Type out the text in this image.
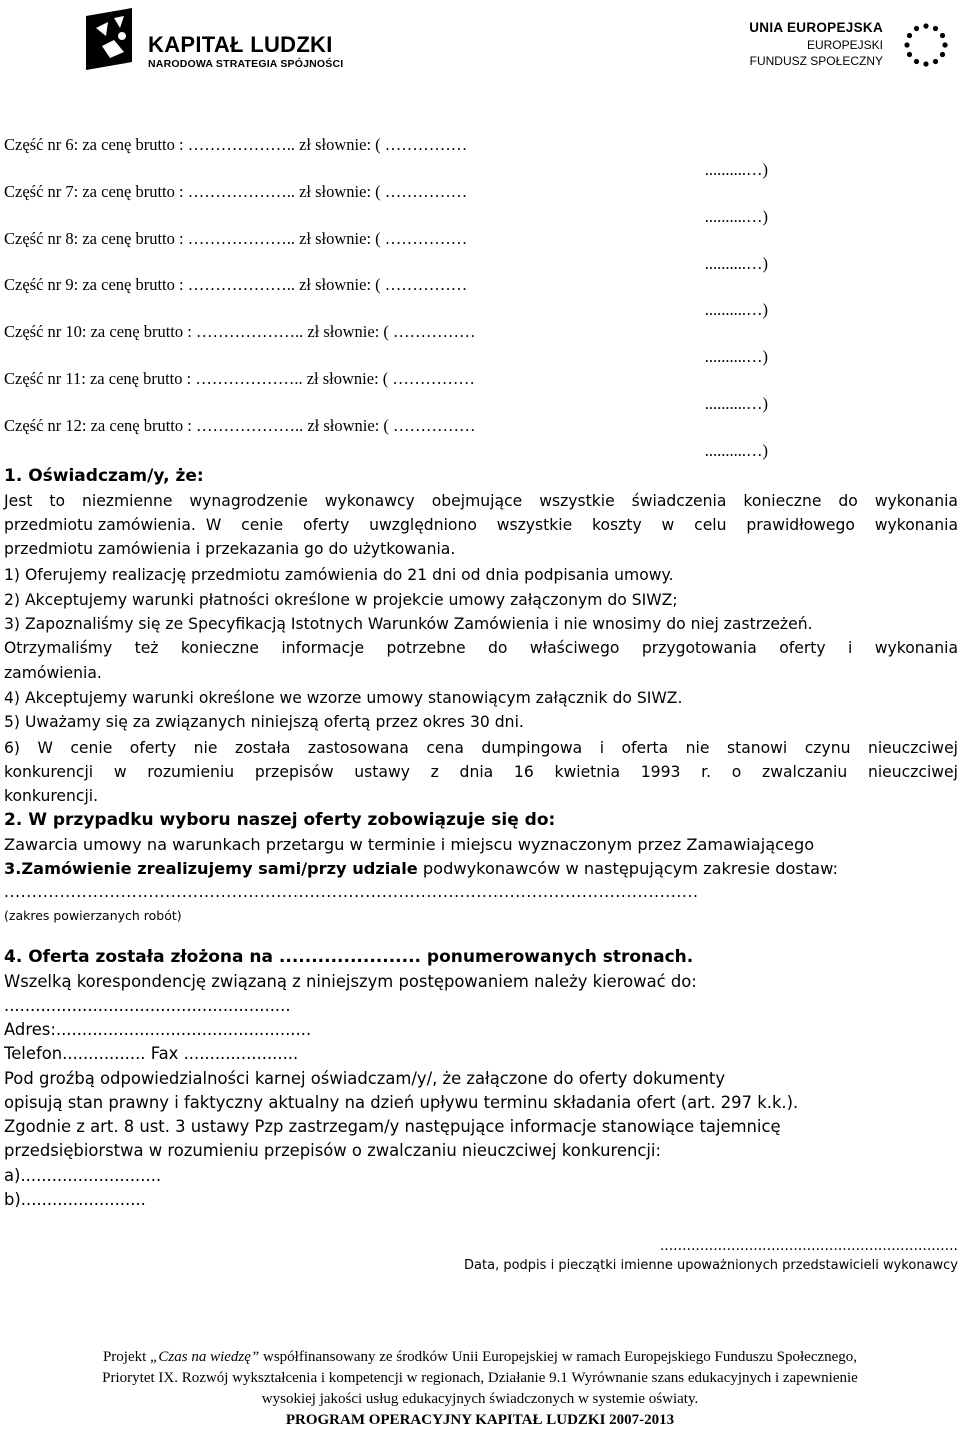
KAPITAŁ LUDZKI
NARODOWA STRATEGIA SPÓJNOŚCI
UNIA EUROPEJSKA
EUROPEJSKI
FUNDUSZ SPOŁECZNY
Część nr 6: za cenę brutto : ……………….. zł słownie: ( ……………
..........…)
Część nr 7: za cenę brutto : ……………….. zł słownie: ( ……………
..........…)
Część nr 8: za cenę brutto : ……………….. zł słownie: ( ……………
..........…)
Część nr 9: za cenę brutto : ……………….. zł słownie: ( ……………
..........…)
Część nr 10: za cenę brutto : ……………….. zł słownie: ( ……………
..........…)
Część nr 11: za cenę brutto : ……………….. zł słownie: ( ……………
..........…)
Część nr 12: za cenę brutto : ……………….. zł słownie: ( ……………
..........…)
1. Oświadczam/y, że:
Jest to niezmienne wynagrodzenie wykonawcy obejmujące wszystkie świadczenia konieczne do wykonania
przedmiotu zamówienia. W cenie oferty uwzględniono wszystkie koszty w celu prawidłowego wykonania
przedmiotu zamówienia i przekazania go do użytkowania.
1) Oferujemy realizację przedmiotu zamówienia do 21 dni od dnia podpisania umowy.
2) Akceptujemy warunki płatności określone w projekcie umowy załączonym do SIWZ;
3) Zapoznaliśmy się ze Specyfikacją Istotnych Warunków Zamówienia i nie wnosimy do niej zastrzeżeń.
Otrzymaliśmy też konieczne informacje potrzebne do właściwego przygotowania oferty i wykonania
zamówienia.
4) Akceptujemy warunki określone we wzorze umowy stanowiącym załącznik do SIWZ.
5) Uważamy się za związanych niniejszą ofertą przez okres 30 dni.
6) W cenie oferty nie została zastosowana cena dumpingowa i oferta nie stanowi czynu nieuczciwej
konkurencji w rozumieniu przepisów ustawy z dnia 16 kwietnia 1993 r. o zwalczaniu nieuczciwej
konkurencji.
2. W przypadku wyboru naszej oferty zobowiązuje się do:
Zawarcia umowy na warunkach przetargu w terminie i miejscu wyznaczonym przez Zamawiającego
3.Zamówienie zrealizujemy sami/przy udziale podwykonawców w następującym zakresie dostaw:
.............................................................................................................................
(zakres powierzanych robót)
4. Oferta została złożona na ...................... ponumerowanych stronach.
Wszelką korespondencję związaną z niniejszym postępowaniem należy kierować do:
.......................................................
Adres:.................................................
Telefon................ Fax ......................
Pod groźbą odpowiedzialności karnej oświadczam/y/, że załączone do oferty dokumenty
opisują stan prawny i faktyczny aktualny na dzień upływu terminu składania ofert (art. 297 k.k.).
Zgodnie z art. 8 ust. 3 ustawy Pzp zastrzegam/y następujące informacje stanowiące tajemnicę
przedsiębiorstwa w rozumieniu przepisów o zwalczaniu nieuczciwej konkurencji:
a)...........................
b)........................
...................................................................
Data, podpis i pieczątki imienne upoważnionych przedstawicieli wykonawcy
Projekt „Czas na wiedzę” współfinansowany ze środków Unii Europejskiej w ramach Europejskiego Funduszu Społecznego,
Priorytet IX. Rozwój wykształcenia i kompetencji w regionach, Działanie 9.1 Wyrównanie szans edukacyjnych i zapewnienie
wysokiej jakości usług edukacyjnych świadczonych w systemie oświaty.
PROGRAM OPERACYJNY KAPITAŁ LUDZKI 2007-2013
